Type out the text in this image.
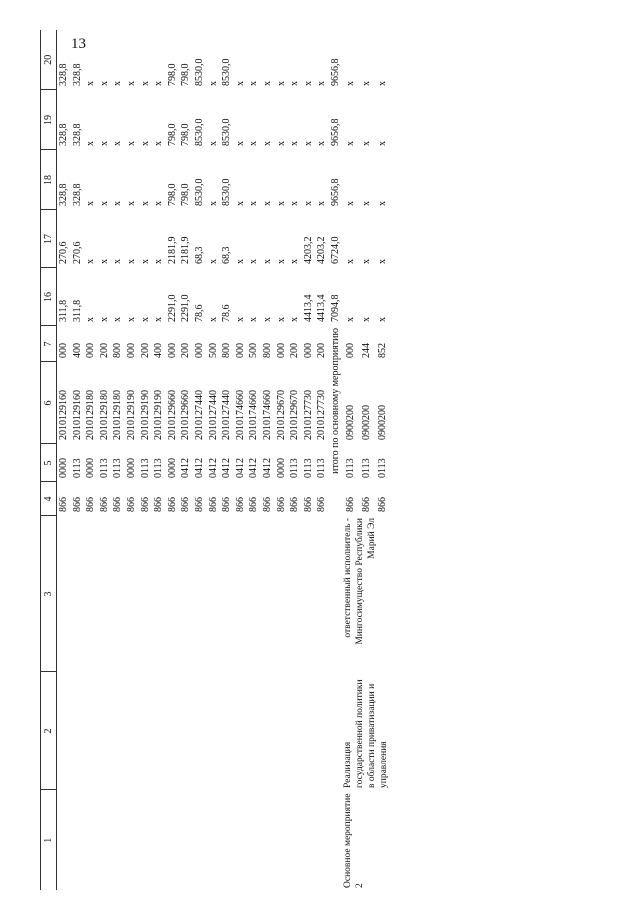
13
1	2	3	4	5	6	7	16	17	18	19	20
			866	0000	2010129160	000	311,8	270,6	328,8	328,8	328,8
			866	0113	2010129160	400	311,8	270,6	328,8	328,8	328,8
			866	0000	2010129180	000	x	x	x	x	x
			866	0113	2010129180	200	x	x	x	x	x
			866	0113	2010129180	800	x	x	x	x	x
			866	0000	2010129190	000	x	x	x	x	x
			866	0113	2010129190	200	x	x	x	x	x
			866	0113	2010129190	400	x	x	x	x	x
			866	0000	2010129660	000	2291,0	2181,9	798,0	798,0	798,0
			866	0412	2010129660	200	2291,0	2181,9	798,0	798,0	798,0
			866	0412	2010127440	000	78,6	68,3	8530,0	8530,0	8530,0
			866	0412	2010127440	500	x	x	x	x	x
			866	0412	2010127440	800	78,6	68,3	8530,0	8530,0	8530,0
			866	0412	2010174660	000	x	x	x	x	x
			866	0412	2010174660	500	x	x	x	x	x
			866	0412	2010174660	800	x	x	x	x	x
			866	0000	2010129670	000	x	x	x	x	x
			866	0113	2010129670	200	x	x	x	x	x
			866	0113	2010127730	000	4413,4	4203,2	x	x	x
			866	0113	2010127730	200	4413,4	4203,2	x	x	x
итого по основному мероприятию							7094,8	6724,0	9656,8	9656,8	9656,8
Основное мероприятие 2	Реализация государственной политики в области приватизации и управления	ответственный исполнитель - Мингосимущество Республики Марий Эл	866	0113	0900200	000	x	x	x	x	x
			866	0113	0900200	244	x	x	x	x	x
			866	0113	0900200	852	x	x	x	x	x
